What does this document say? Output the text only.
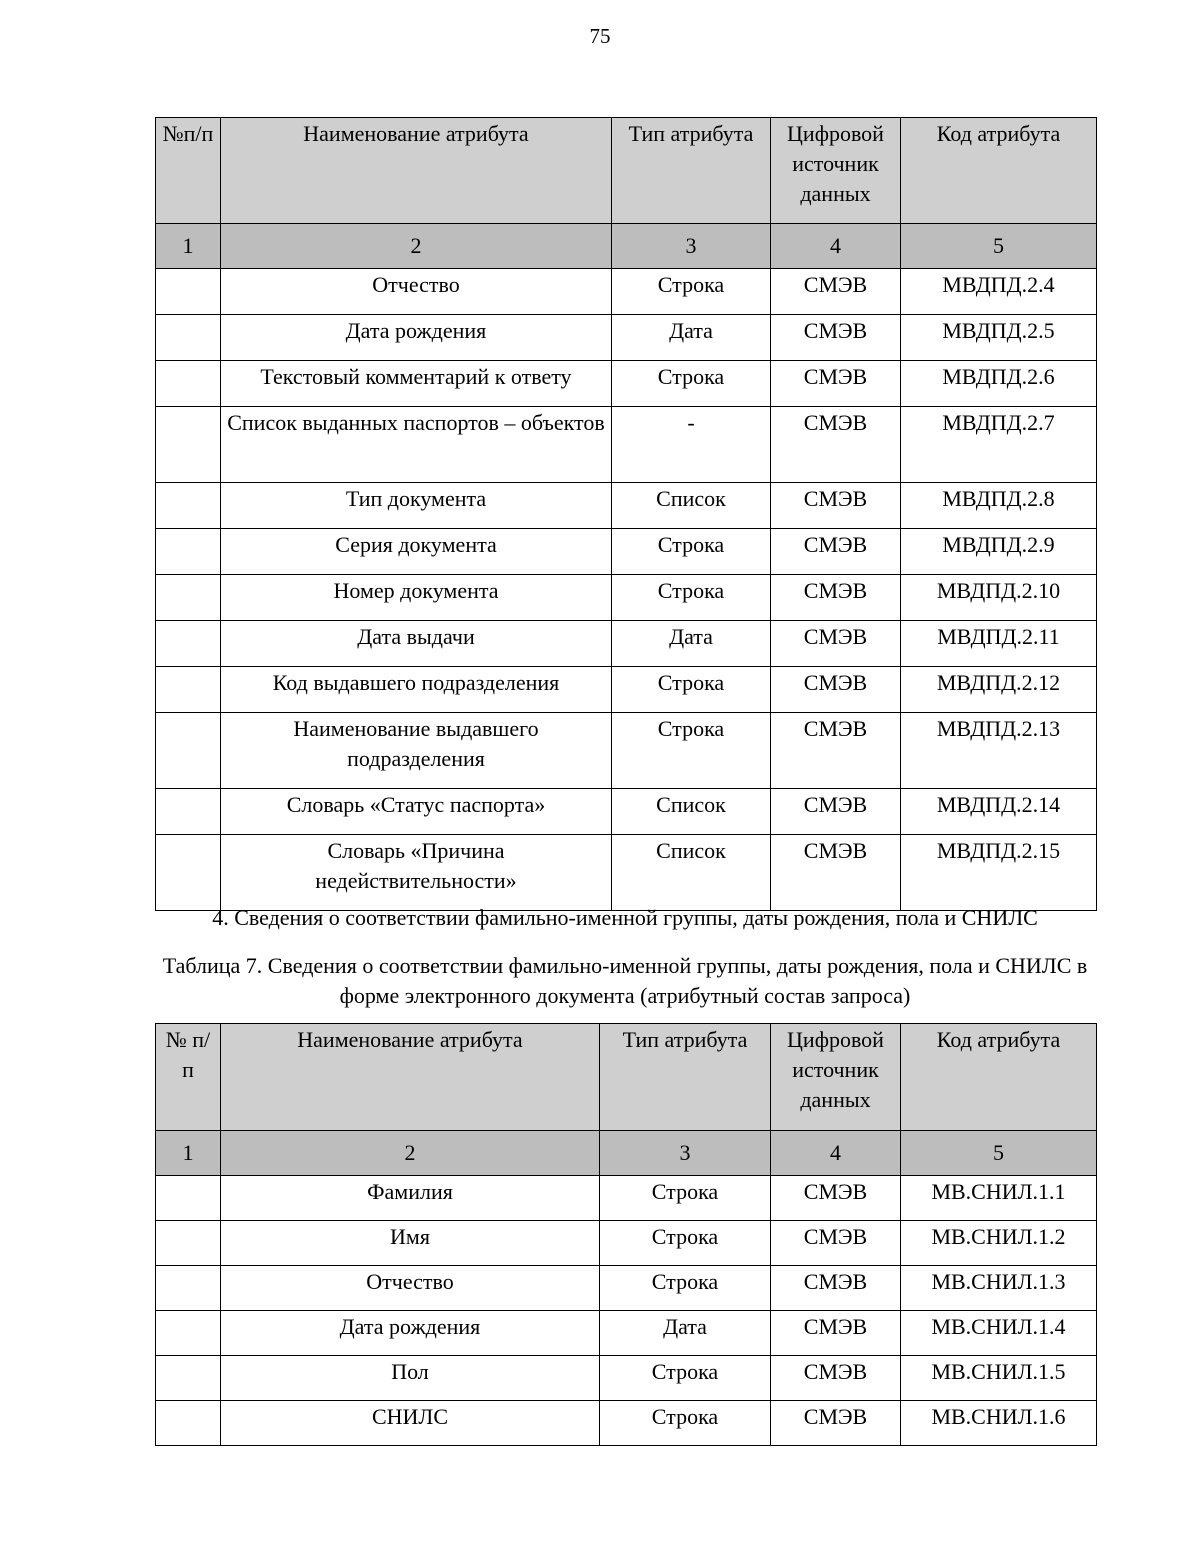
75
№п/п	Наименование атрибута	Тип атрибута	Цифровой источник данных	Код атрибута
1	2	3	4	5
	Отчество	Строка	СМЭВ	МВДПД.2.4
	Дата рождения	Дата	СМЭВ	МВДПД.2.5
	Текстовый комментарий к ответу	Строка	СМЭВ	МВДПД.2.6
	Список выданных паспортов – объектов	-	СМЭВ	МВДПД.2.7
	Тип документа	Список	СМЭВ	МВДПД.2.8
	Серия документа	Строка	СМЭВ	МВДПД.2.9
	Номер документа	Строка	СМЭВ	МВДПД.2.10
	Дата выдачи	Дата	СМЭВ	МВДПД.2.11
	Код выдавшего подразделения	Строка	СМЭВ	МВДПД.2.12
	Наименование выдавшего подразделения	Строка	СМЭВ	МВДПД.2.13
	Словарь «Статус паспорта»	Список	СМЭВ	МВДПД.2.14
	Словарь «Причина недействительности»	Список	СМЭВ	МВДПД.2.15
4. Сведения о соответствии фамильно-именной группы, даты рождения, пола и СНИЛС
Таблица 7. Сведения о соответствии фамильно-именной группы, даты рождения, пола и СНИЛС в форме электронного документа (атрибутный состав запроса)
№ п/п	Наименование атрибута	Тип атрибута	Цифровой источник данных	Код атрибута
1	2	3	4	5
	Фамилия	Строка	СМЭВ	МВ.СНИЛ.1.1
	Имя	Строка	СМЭВ	МВ.СНИЛ.1.2
	Отчество	Строка	СМЭВ	МВ.СНИЛ.1.3
	Дата рождения	Дата	СМЭВ	МВ.СНИЛ.1.4
	Пол	Строка	СМЭВ	МВ.СНИЛ.1.5
	СНИЛС	Строка	СМЭВ	МВ.СНИЛ.1.6
